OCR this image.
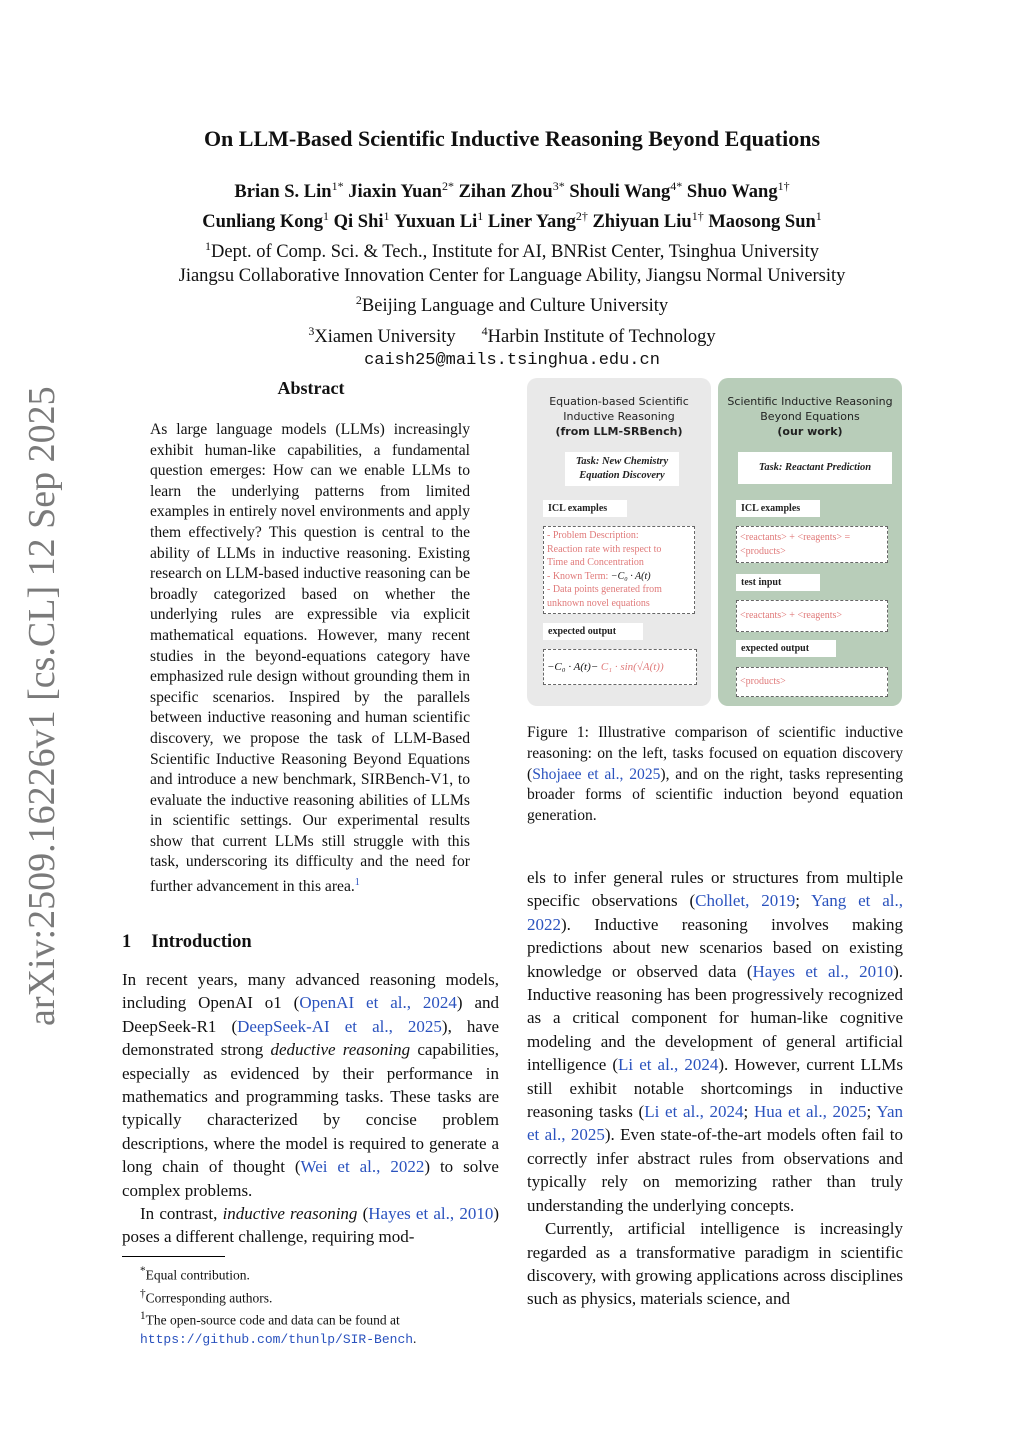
arXiv:2509.16226v1 [cs.CL] 12 Sep 2025
On LLM-Based Scientific Inductive Reasoning Beyond Equations
Brian S. Lin$^{1*}$ Jiaxin Yuan$^{2*}$ Zihan Zhou$^{3*}$ Shouli Wang$^{4*}$ Shuo Wang$^{1\dagger}$
Cunliang Kong$^1$ Qi Shi$^1$ Yuxuan Li$^1$ Liner Yang$^{2\dagger}$ Zhiyuan Liu$^{1\dagger}$ Maosong Sun$^1$
$^1$Dept. of Comp. Sci. & Tech., Institute for AI, BNRist Center, Tsinghua University
Jiangsu Collaborative Innovation Center for Language Ability, Jiangsu Normal University
$^2$Beijing Language and Culture University
$^3$Xiamen University $^4$Harbin Institute of Technology
caish25@mails.tsinghua.edu.cn
Abstract
As large language models (LLMs) increasingly exhibit human-like capabilities, a fundamental question emerges: How can we enable LLMs to learn the underlying patterns from limited examples in entirely novel environments and apply them effectively? This question is central to the ability of LLMs in inductive reasoning. Existing research on LLM-based inductive reasoning can be broadly categorized based on whether the underlying rules are expressible via explicit mathematical equations. However, many recent studies in the beyond-equations category have emphasized rule design without grounding them in specific scenarios. Inspired by the parallels between inductive reasoning and human scientific discovery, we propose the task of LLM-Based Scientific Inductive Reasoning Beyond Equations and introduce a new benchmark, SIRBench-V1, to evaluate the inductive reasoning abilities of LLMs in scientific settings. Our experimental results show that current LLMs still struggle with this task, underscoring its difficulty and the need for further advancement in this area.$^1$
1 Introduction

In recent years, many advanced reasoning models, including OpenAI o1 (OpenAI et al., 2024) and DeepSeek-R1 (DeepSeek-AI et al., 2025), have demonstrated strong deductive reasoning capabilities, especially as evidenced by their performance in mathematics and programming tasks. These tasks are typically characterized by concise problem descriptions, where the model is required to generate a long chain of thought (Wei et al., 2022) to solve complex problems.

In contrast, inductive reasoning (Hayes et al., 2010) poses a different challenge, requiring mod-

*Equal contribution.
†Corresponding authors.
$^1$The open-source code and data can be found at https://github.com/thunlp/SIR-Bench.
Equation-based Scientific
Inductive Reasoning
(from LLM-SRBench)
Task: New Chemistry
Equation Discovery
ICL examples
- Problem Description:
Reaction rate with respect to
Time and Concentration
- Known Term: −C₀ · A(t)
- Data points generated from
unknown novel equations
expected output
−C₀ · A(t)− C₁ · sin(√A(t))
Scientific Inductive Reasoning
Beyond Equations
(our work)
Task: Reactant Prediction
ICL examples
<reactants> + <reagents> =
<products>
test input
<reactants> + <reagents>
expected output
<products>
Figure 1: Illustrative comparison of scientific inductive reasoning: on the left, tasks focused on equation discovery (Shojaee et al., 2025), and on the right, tasks representing broader forms of scientific induction beyond equation generation.

els to infer general rules or structures from multiple specific observations (Chollet, 2019; Yang et al., 2022). Inductive reasoning involves making predictions about new scenarios based on existing knowledge or observed data (Hayes et al., 2010). Inductive reasoning has been progressively recognized as a critical component for human-like cognitive modeling and the development of general artificial intelligence (Li et al., 2024). However, current LLMs still exhibit notable shortcomings in inductive reasoning tasks (Li et al., 2024; Hua et al., 2025; Yan et al., 2025). Even state-of-the-art models often fail to correctly infer abstract rules from observations and typically rely on memorizing rather than truly understanding the underlying concepts.

Currently, artificial intelligence is increasingly regarded as a transformative paradigm in scientific discovery, with growing applications across disciplines such as physics, materials science, and
